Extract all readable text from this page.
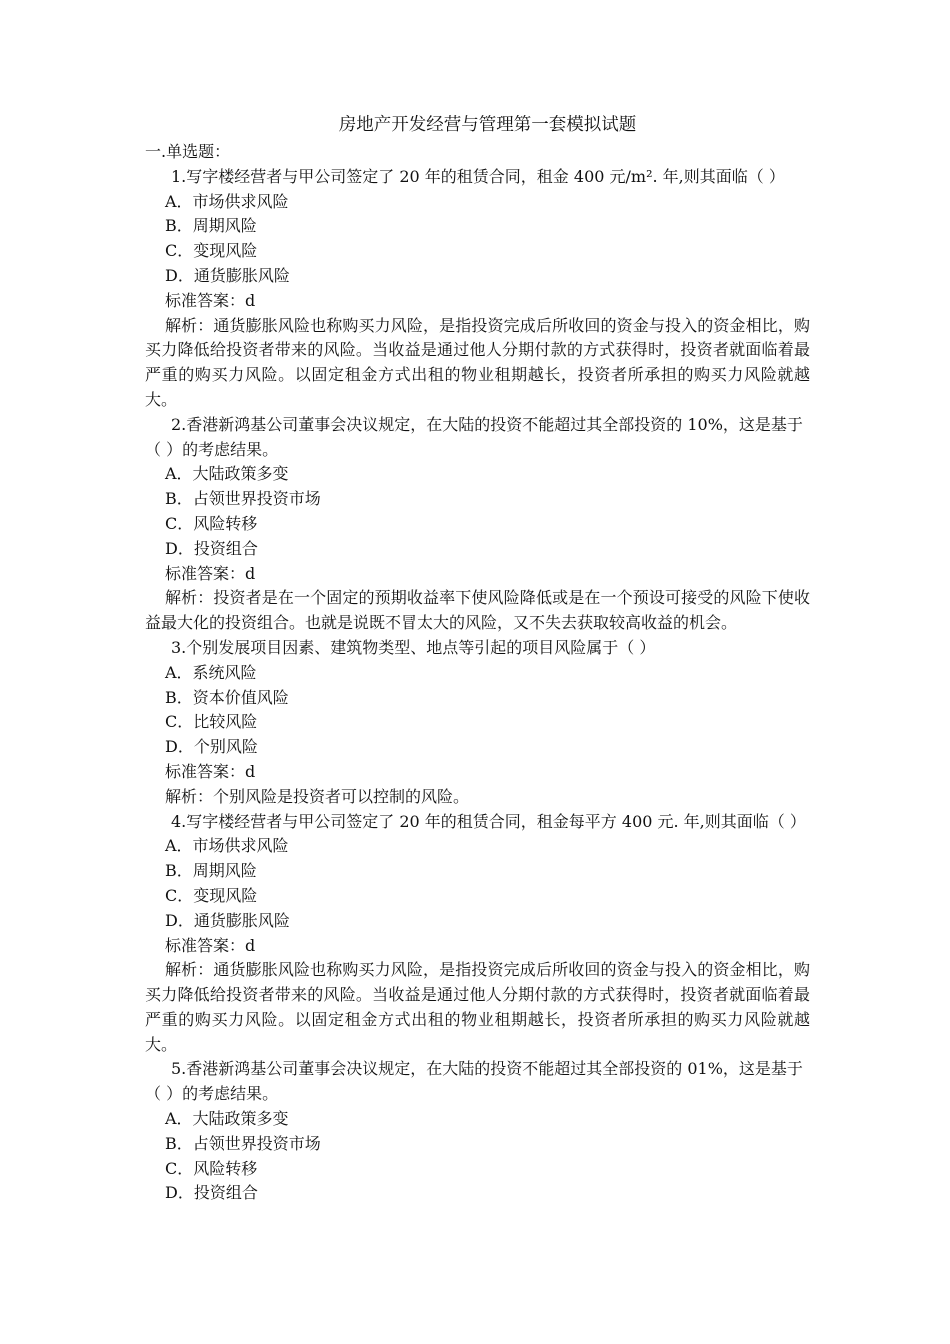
房地产开发经营与管理第一套模拟试题

一.单选题：

1.写字楼经营者与甲公司签定了 20 年的租赁合同，租金 400 元/m². 年,则其面临（ ）

A．市场供求风险

B．周期风险

C．变现风险

D．通货膨胀风险

标准答案：d

解析：通货膨胀风险也称购买力风险，是指投资完成后所收回的资金与投入的资金相比，购买力降低给投资者带来的风险。当收益是通过他人分期付款的方式获得时，投资者就面临着最严重的购买力风险。以固定租金方式出租的物业租期越长，投资者所承担的购买力风险就越大。

2.香港新鸿基公司董事会决议规定，在大陆的投资不能超过其全部投资的 10%，这是基于（ ）的考虑结果。

A．大陆政策多变

B．占领世界投资市场

C．风险转移

D．投资组合

标准答案：d

解析：投资者是在一个固定的预期收益率下使风险降低或是在一个预设可接受的风险下使收益最大化的投资组合。也就是说既不冒太大的风险，又不失去获取较高收益的机会。

3.个别发展项目因素、建筑物类型、地点等引起的项目风险属于（ ）

A．系统风险

B．资本价值风险

C．比较风险

D．个别风险

标准答案：d

解析：个别风险是投资者可以控制的风险。

4.写字楼经营者与甲公司签定了 20 年的租赁合同，租金每平方 400 元. 年,则其面临（ ）

A．市场供求风险

B．周期风险

C．变现风险

D．通货膨胀风险

标准答案：d

解析：通货膨胀风险也称购买力风险，是指投资完成后所收回的资金与投入的资金相比，购买力降低给投资者带来的风险。当收益是通过他人分期付款的方式获得时，投资者就面临着最严重的购买力风险。以固定租金方式出租的物业租期越长，投资者所承担的购买力风险就越大。

5.香港新鸿基公司董事会决议规定，在大陆的投资不能超过其全部投资的 01%，这是基于（ ）的考虑结果。

A．大陆政策多变

B．占领世界投资市场

C．风险转移

D．投资组合
